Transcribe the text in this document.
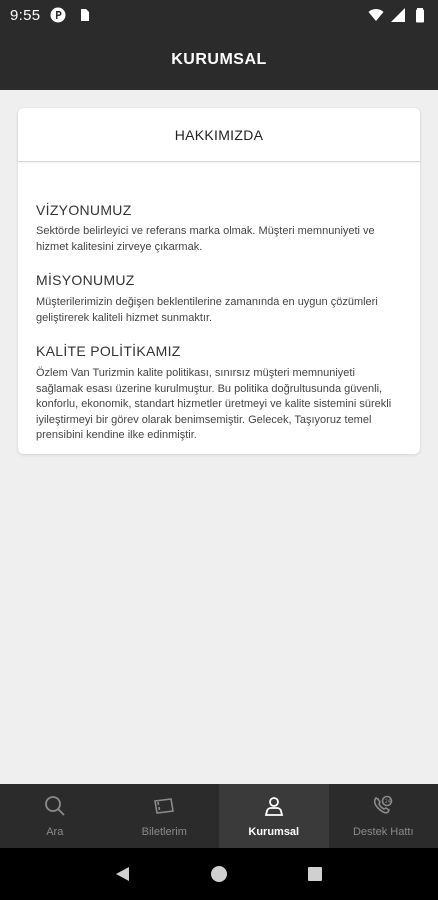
9:55
KURUMSAL
HAKKIMIZDA
VİZYONUMUZ
Sektörde belirleyici ve referans marka olmak. Müşteri memnuniyeti ve hizmet kalitesini zirveye çıkarmak.
MİSYONUMUZ
Müşterilerimizin değişen beklentilerine zamanında en uygun çözümleri geliştirerek kaliteli hizmet sunmaktır.
KALİTE POLİTİKAMIZ
Özlem Van Turizmin kalite politikası, sınırsız müşteri memnuniyeti sağlamak esası üzerine kurulmuştur. Bu politika doğrultusunda güvenli, konforlu, ekonomik, standart hizmetler üretmeyi ve kalite sistemini sürekli iyileştirmeyi bir görev olarak benimsemiştir. Gelecek, Taşıyoruz temel prensibini kendine ilke edinmiştir.
Ara	Biletlerim	Kurumsal
24
Destek Hattı
